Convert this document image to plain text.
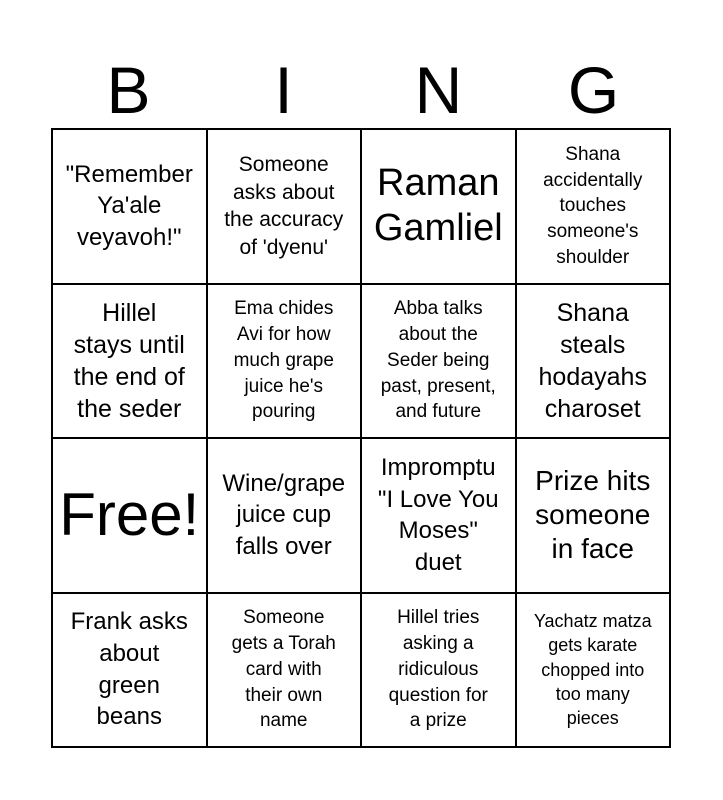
B	I	N	G
"Remember
Ya'ale
veyavoh!"
Someone
asks about
the accuracy
of 'dyenu'
Raman
Gamliel
Shana
accidentally
touches
someone's
shoulder
Hillel
stays until
the end of
the seder
Ema chides
Avi for how
much grape
juice he's
pouring
Abba talks
about the
Seder being
past, present,
and future
Shana
steals
hodayahs
charoset
Free! Wine/grape
juice cup
falls over
Impromptu
"I Love You
Moses"
duet
Prize hits
someone
in face
Frank asks
about
green
beans
Someone
gets a Torah
card with
their own
name
Hillel tries
asking a
ridiculous
question for
a prize
Yachatz matza
gets karate
chopped into
too many
pieces
